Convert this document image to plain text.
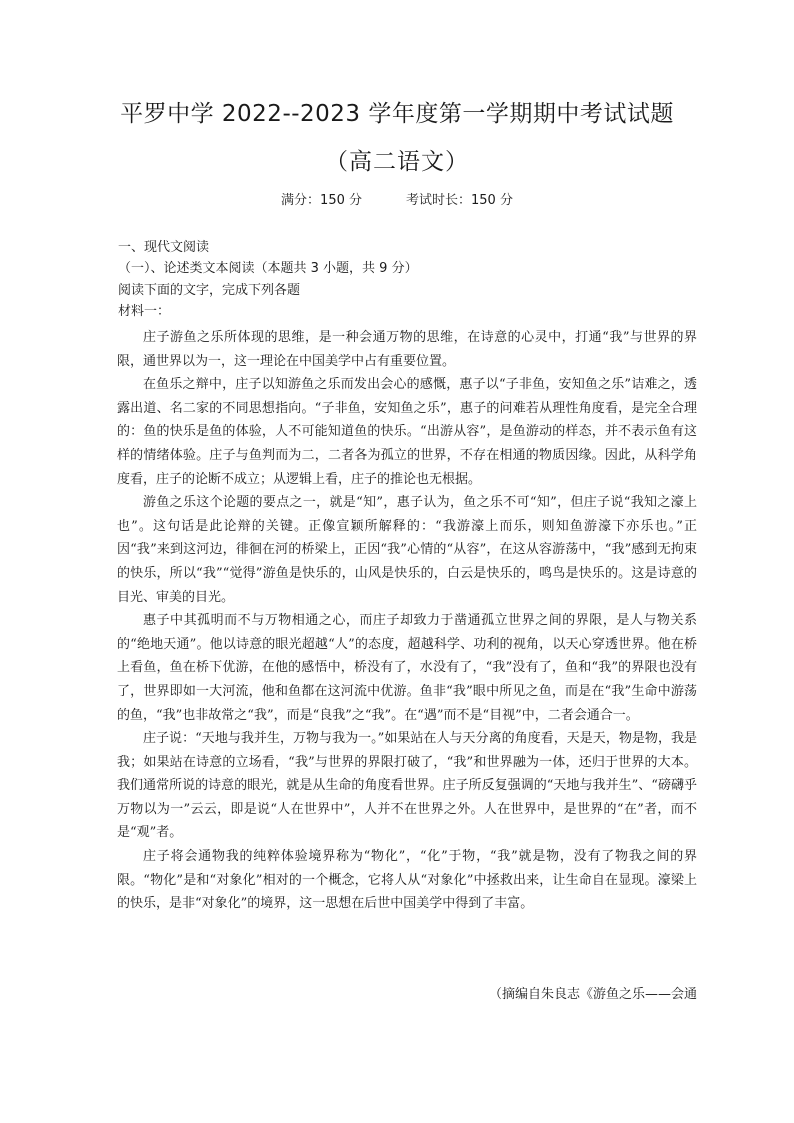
平罗中学 2022--2023 学年度第一学期期中考试试题
（高二语文）
满分：150 分	考试时长：150 分
一、现代文阅读
（一）、论述类文本阅读（本题共 3 小题，共 9 分）
阅读下面的文字，完成下列各题
材料一：

庄子游鱼之乐所体现的思维，是一种会通万物的思维，在诗意的心灵中，打通“我”与世界的界限，通世界以为一，这一理论在中国美学中占有重要位置。

在鱼乐之辩中，庄子以知游鱼之乐而发出会心的感慨，惠子以“子非鱼，安知鱼之乐”诘难之，透露出道、名二家的不同思想指向。“子非鱼，安知鱼之乐”，惠子的问难若从理性角度看，是完全合理的：鱼的快乐是鱼的体验，人不可能知道鱼的快乐。“出游从容”，是鱼游动的样态，并不表示鱼有这样的情绪体验。庄子与鱼判而为二，二者各为孤立的世界，不存在相通的物质因缘。因此，从科学角度看，庄子的论断不成立；从逻辑上看，庄子的推论也无根据。

游鱼之乐这个论题的要点之一，就是“知”，惠子认为，鱼之乐不可“知”，但庄子说“我知之濠上也”。这句话是此论辩的关键。正像宣颖所解释的：“我游濠上而乐，则知鱼游濠下亦乐也。”正因“我”来到这河边，徘徊在河的桥梁上，正因“我”心情的“从容”，在这从容游荡中，“我”感到无拘束的快乐，所以“我”“觉得”游鱼是快乐的，山风是快乐的，白云是快乐的，鸣鸟是快乐的。这是诗意的目光、审美的目光。

惠子中其孤明而不与万物相通之心，而庄子却致力于凿通孤立世界之间的界限，是人与物关系的“绝地天通”。他以诗意的眼光超越“人”的态度，超越科学、功利的视角，以天心穿透世界。他在桥上看鱼，鱼在桥下优游，在他的感悟中，桥没有了，水没有了，“我”没有了，鱼和“我”的界限也没有了，世界即如一大河流，他和鱼都在这河流中优游。鱼非“我”眼中所见之鱼，而是在“我”生命中游荡的鱼，“我”也非故常之“我”，而是“良我”之“我”。在“遇”而不是“目视”中，二者会通合一。

庄子说：“天地与我并生，万物与我为一。”如果站在人与天分离的角度看，天是天，物是物，我是我；如果站在诗意的立场看，“我”与世界的界限打破了，“我”和世界融为一体，还归于世界的大本。我们通常所说的诗意的眼光，就是从生命的角度看世界。庄子所反复强调的“天地与我并生”、“磅礴乎万物以为一”云云，即是说“人在世界中”，人并不在世界之外。人在世界中，是世界的“在”者，而不是“观”者。

庄子将会通物我的纯粹体验境界称为“物化”，“化”于物，“我”就是物，没有了物我之间的界限。“物化”是和“对象化”相对的一个概念，它将人从“对象化”中拯救出来，让生命自在显现。濠梁上的快乐，是非“对象化”的境界，这一思想在后世中国美学中得到了丰富。

（摘编自朱良志《游鱼之乐——会通
